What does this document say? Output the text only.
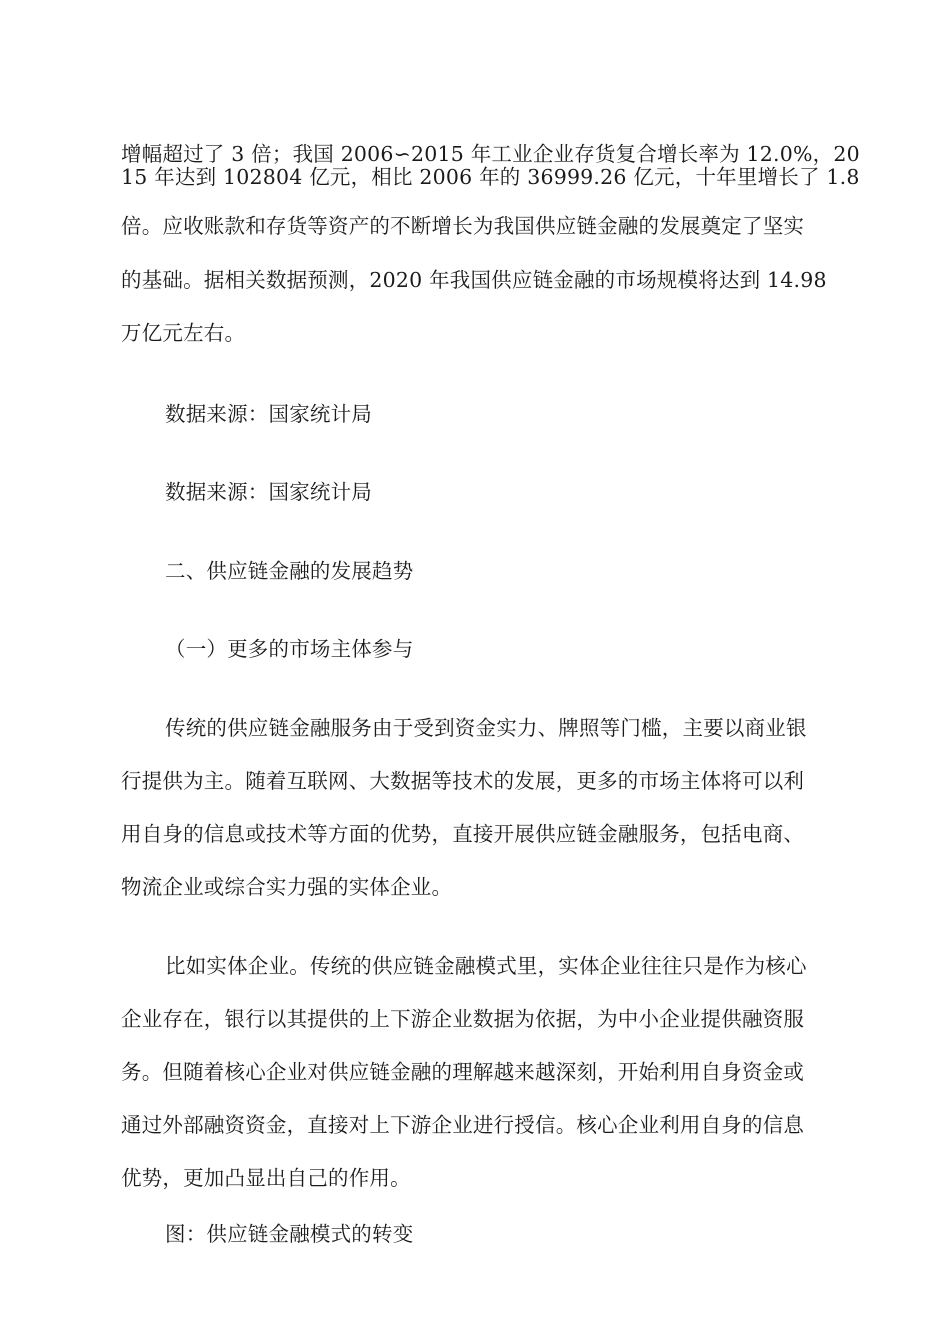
增幅超过了 3 倍；我国 2006∽2015 年工业企业存货复合增长率为 12.0%，20
15 年达到 102804 亿元，相比 2006 年的 36999.26 亿元，十年里增长了 1.8
倍。应收账款和存货等资产的不断增长为我国供应链金融的发展奠定了坚实
的基础。据相关数据预测，2020 年我国供应链金融的市场规模将达到 14.98
万亿元左右。
数据来源：国家统计局
数据来源：国家统计局
二、供应链金融的发展趋势
（一）更多的市场主体参与
传统的供应链金融服务由于受到资金实力、牌照等门槛，主要以商业银
行提供为主。随着互联网、大数据等技术的发展，更多的市场主体将可以利
用自身的信息或技术等方面的优势，直接开展供应链金融服务，包括电商、
物流企业或综合实力强的实体企业。
比如实体企业。传统的供应链金融模式里，实体企业往往只是作为核心
企业存在，银行以其提供的上下游企业数据为依据，为中小企业提供融资服
务。但随着核心企业对供应链金融的理解越来越深刻，开始利用自身资金或
通过外部融资资金，直接对上下游企业进行授信。核心企业利用自身的信息
优势，更加凸显出自己的作用。
图：供应链金融模式的转变
